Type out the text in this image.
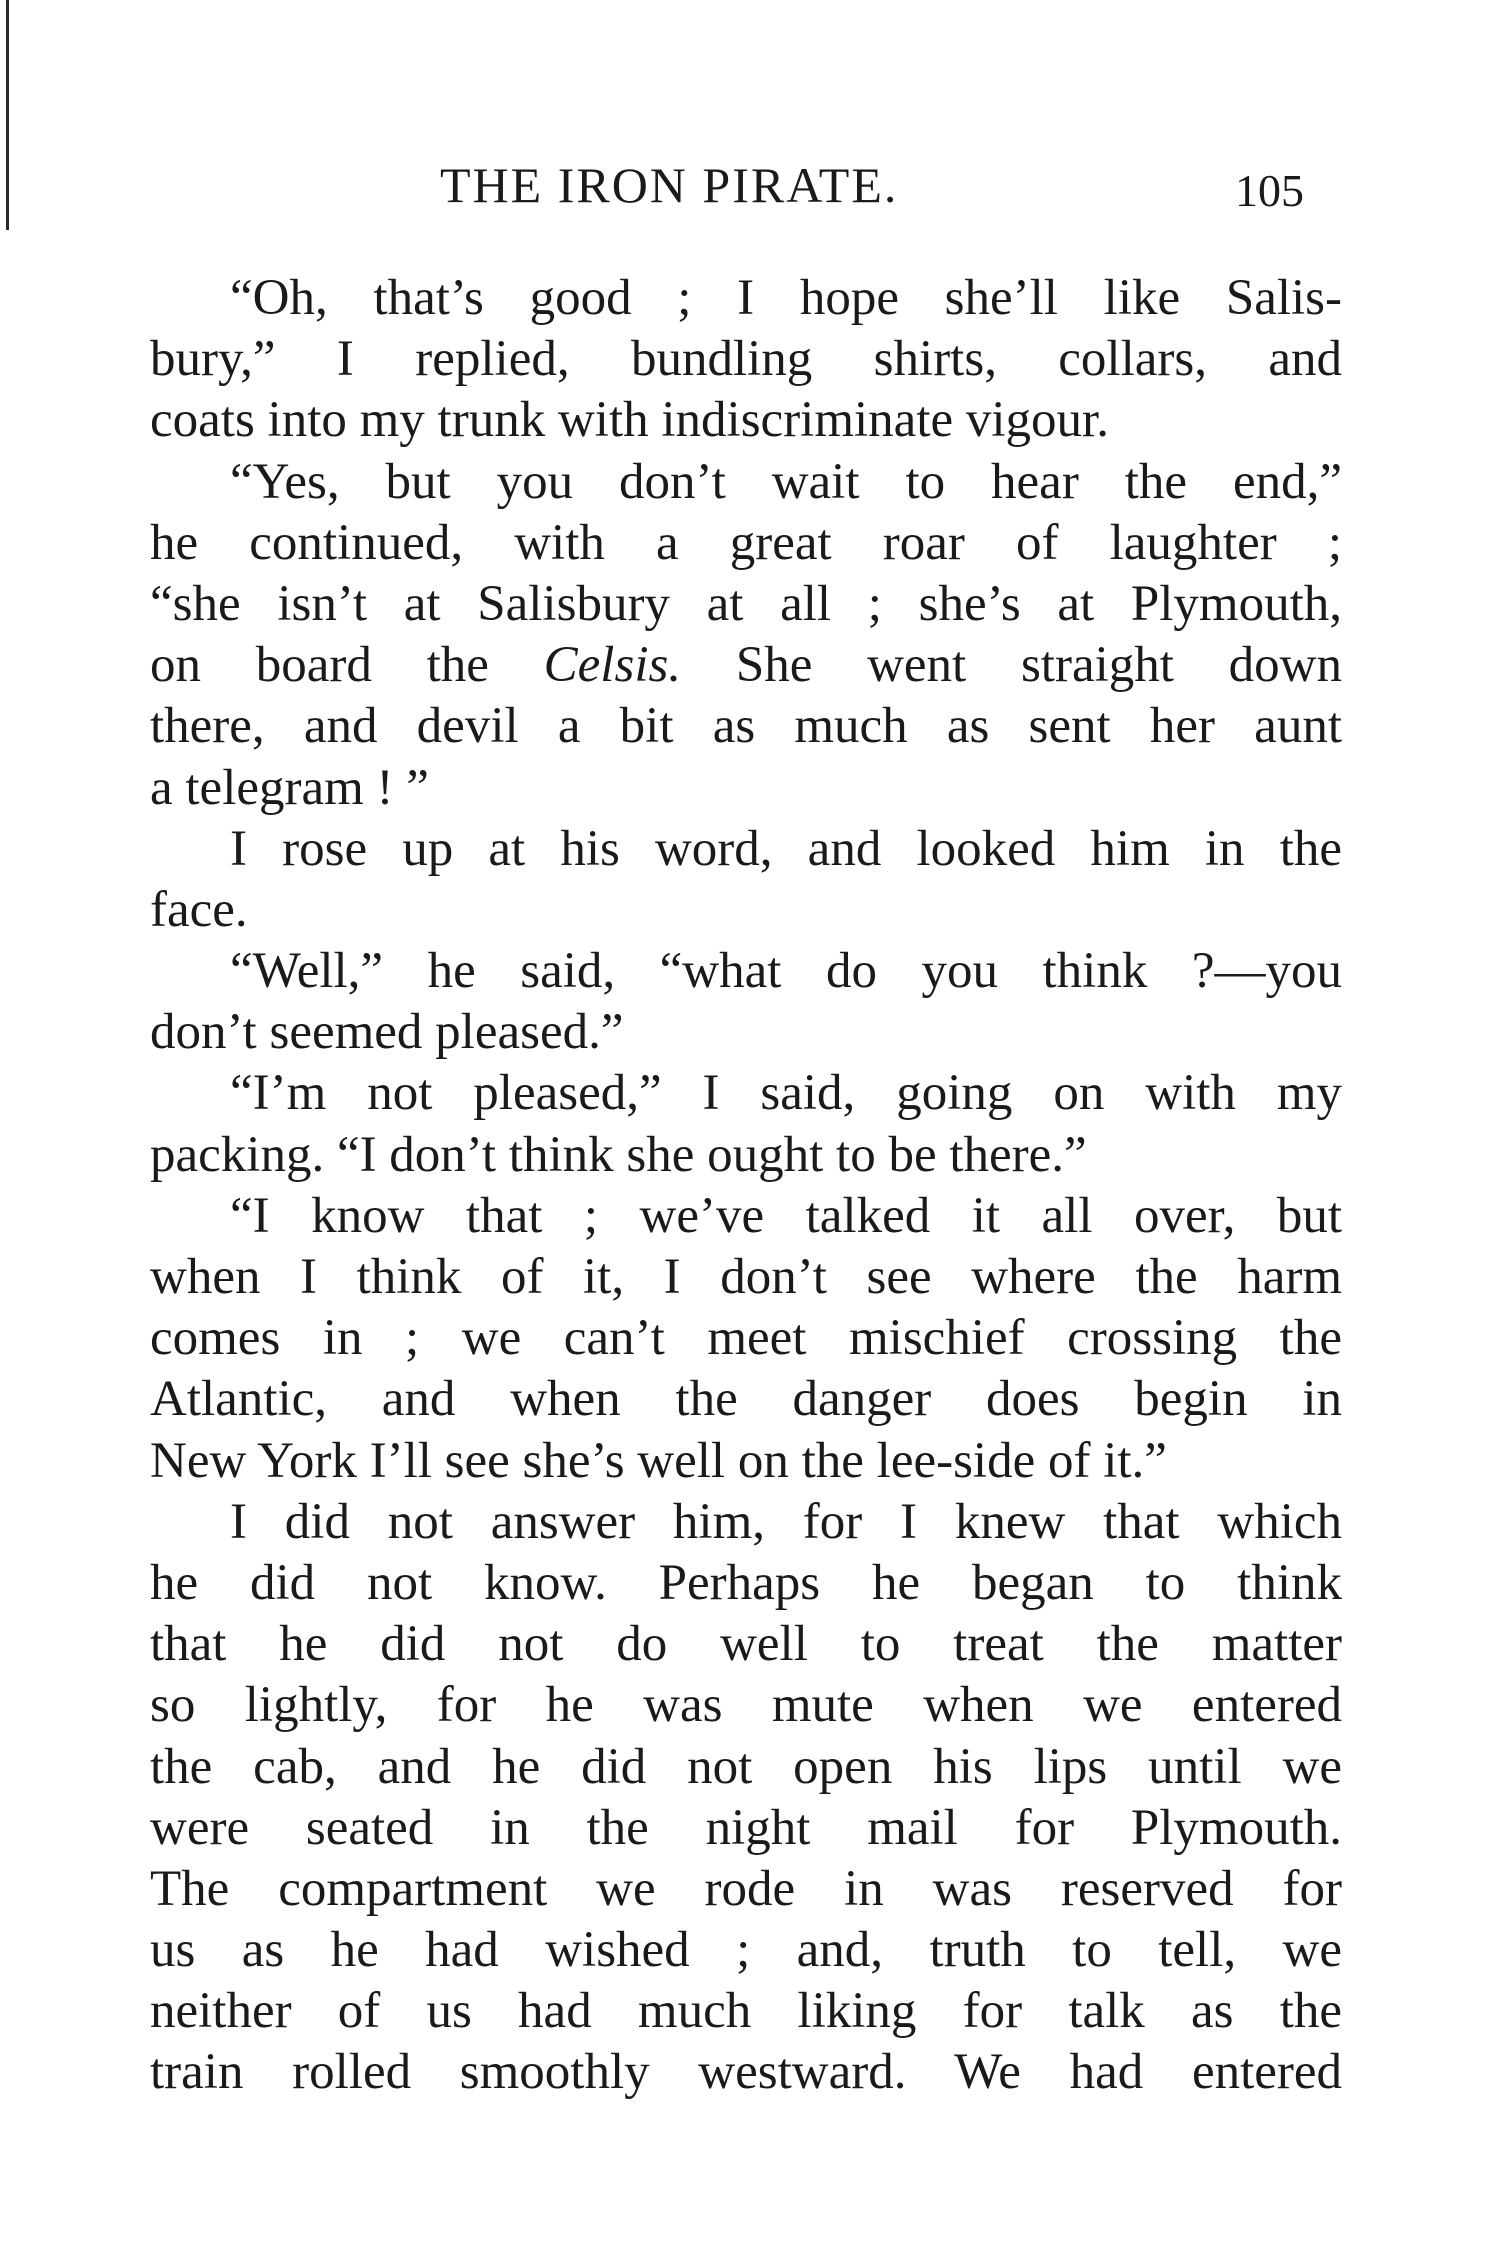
THE IRON PIRATE.	105
“Oh, that’s good ; I hope she’ll like Salis-
bury,” I replied, bundling shirts, collars, and
coats into my trunk with indiscriminate vigour.
“Yes, but you don’t wait to hear the end,”
he continued, with a great roar of laughter ;
“she isn’t at Salisbury at all ; she’s at Plymouth,
on board the Celsis. She went straight down
there, and devil a bit as much as sent her aunt
a telegram ! ”
I rose up at his word, and looked him in the
face.
“Well,” he said, “what do you think ?—you
don’t seemed pleased.”
“I’m not pleased,” I said, going on with my
packing. “I don’t think she ought to be there.”
“I know that ; we’ve talked it all over, but
when I think of it, I don’t see where the harm
comes in ; we can’t meet mischief crossing the
Atlantic, and when the danger does begin in
New York I’ll see she’s well on the lee-side of it.”
I did not answer him, for I knew that which
he did not know. Perhaps he began to think
that he did not do well to treat the matter
so lightly, for he was mute when we entered
the cab, and he did not open his lips until we
were seated in the night mail for Plymouth.
The compartment we rode in was reserved for
us as he had wished ; and, truth to tell, we
neither of us had much liking for talk as the
train rolled smoothly westward. We had entered
